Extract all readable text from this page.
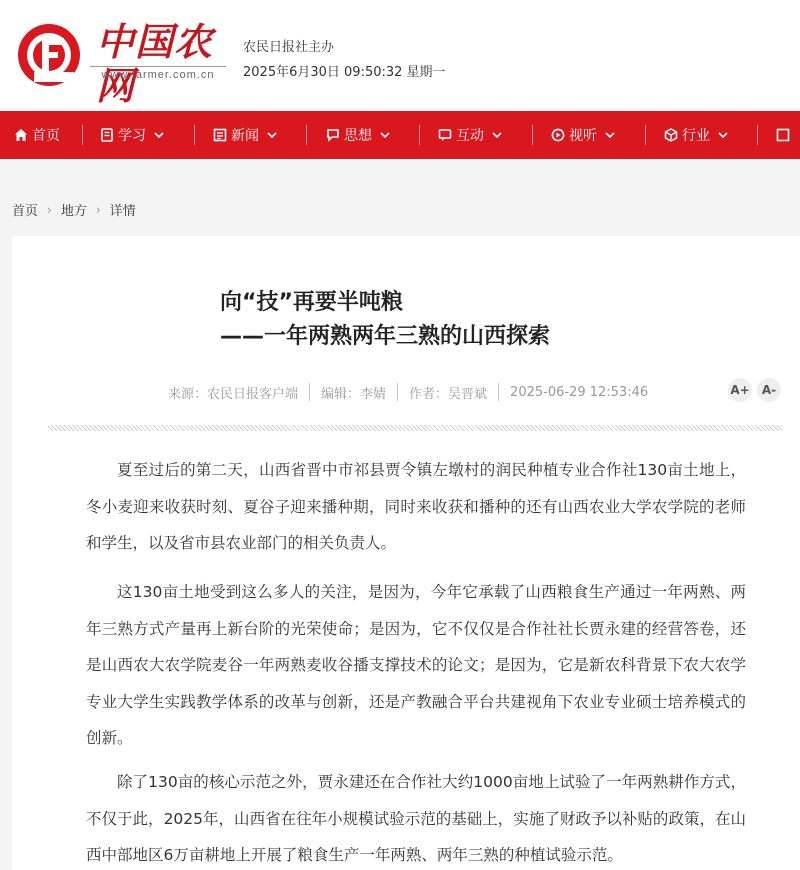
中国农网
www.farmer.com.cn
农民日报社主办
2025年6月30日 09:50:32 星期一
首页	学习	新闻	思想	互动	视听	行业
首页 › 地方 › 详情
向“技”再要半吨粮
——一年两熟两年三熟的山西探索
来源：农民日报客户端 编辑：李婧 作者：吴晋斌 2025-06-29 12:53:46	A+	A-
夏至过后的第二天，山西省晋中市祁县贾令镇左墩村的润民种植专业合作社130亩土地上，冬小麦迎来收获时刻、夏谷子迎来播种期，同时来收获和播种的还有山西农业大学农学院的老师和学生，以及省市县农业部门的相关负责人。
这130亩土地受到这么多人的关注，是因为，今年它承载了山西粮食生产通过一年两熟、两年三熟方式产量再上新台阶的光荣使命；是因为，它不仅仅是合作社社长贾永建的经营答卷，还是山西农大农学院麦谷一年两熟麦收谷播支撑技术的论文；是因为，它是新农科背景下农大农学专业大学生实践教学体系的改革与创新，还是产教融合平台共建视角下农业专业硕士培养模式的创新。
除了130亩的核心示范之外，贾永建还在合作社大约1000亩地上试验了一年两熟耕作方式，不仅于此，2025年，山西省在往年小规模试验示范的基础上，实施了财政予以补贴的政策，在山西中部地区6万亩耕地上开展了粮食生产一年两熟、两年三熟的种植试验示范。
